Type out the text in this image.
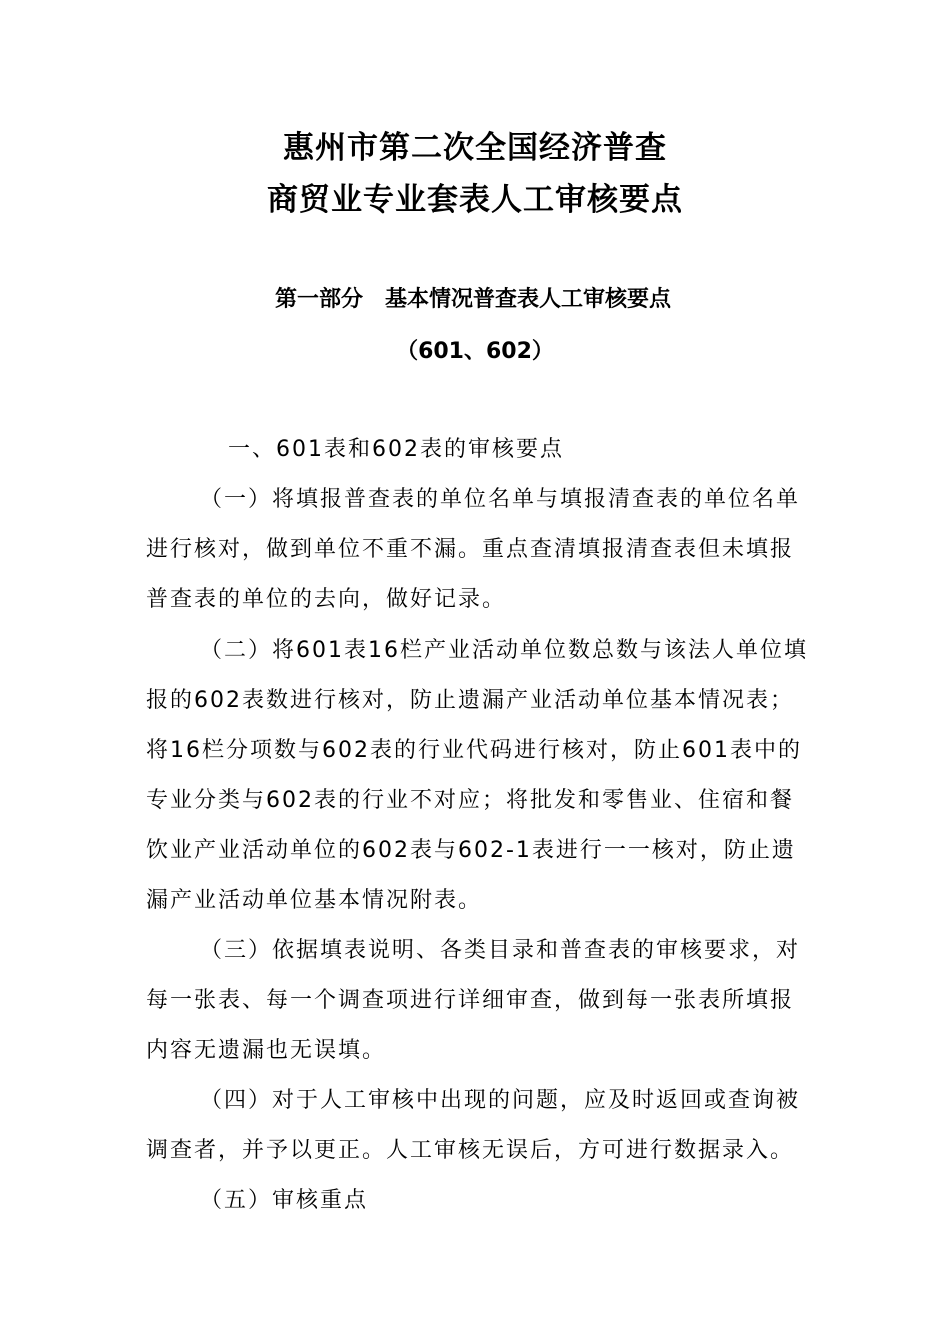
惠州市第二次全国经济普查
商贸业专业套表人工审核要点
第一部分　基本情况普查表人工审核要点
（601、602）
一、601表和602表的审核要点
（一）将填报普查表的单位名单与填报清查表的单位名单
进行核对，做到单位不重不漏。重点查清填报清查表但未填报
普查表的单位的去向，做好记录。
（二）将601表16栏产业活动单位数总数与该法人单位填
报的602表数进行核对，防止遗漏产业活动单位基本情况表；
将16栏分项数与602表的行业代码进行核对，防止601表中的
专业分类与602表的行业不对应；将批发和零售业、住宿和餐
饮业产业活动单位的602表与602-1表进行一一核对，防止遗
漏产业活动单位基本情况附表。
（三）依据填表说明、各类目录和普查表的审核要求，对
每一张表、每一个调查项进行详细审查，做到每一张表所填报
内容无遗漏也无误填。
（四）对于人工审核中出现的问题，应及时返回或查询被
调查者，并予以更正。人工审核无误后，方可进行数据录入。
（五）审核重点
